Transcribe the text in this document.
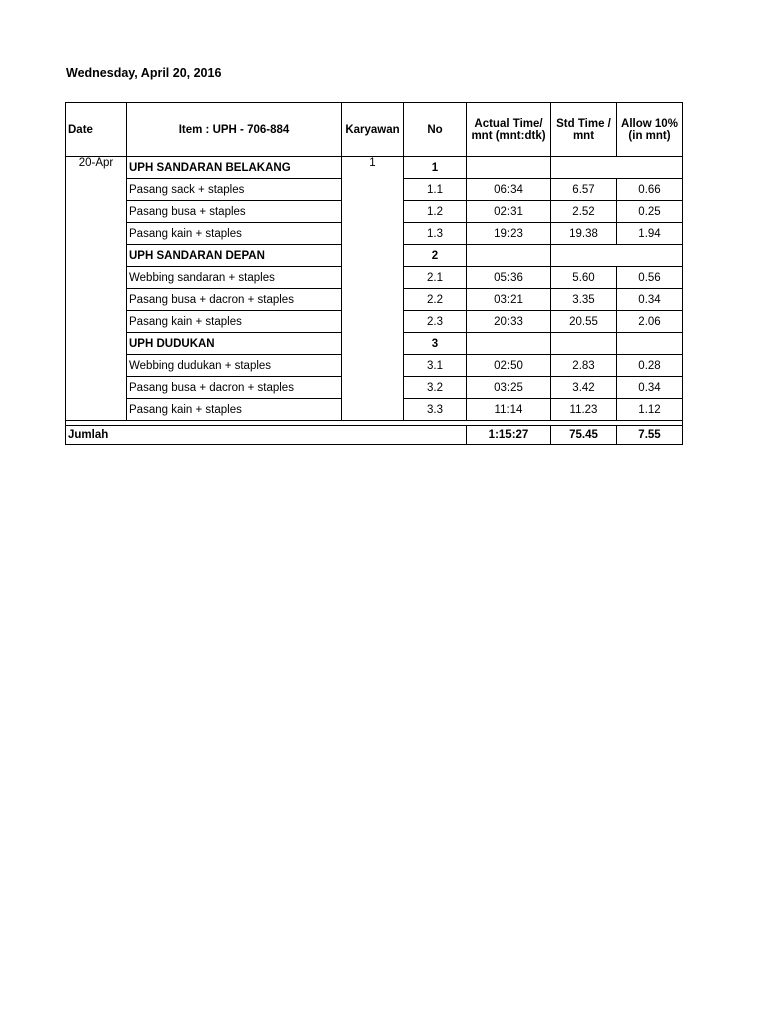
Wednesday, April 20, 2016
Date	Item : UPH - 706-884	Karyawan	No	Actual Time/ mnt (mnt:dtk)	Std Time / mnt	Allow 10% (in mnt)
20-Apr	UPH SANDARAN BELAKANG	1	1			
	Pasang sack + staples		1.1	06:34	6.57	0.66
	Pasang busa + staples		1.2	02:31	2.52	0.25
	Pasang kain + staples		1.3	19:23	19.38	1.94
	UPH SANDARAN DEPAN		2			
	Webbing sandaran + staples		2.1	05:36	5.60	0.56
	Pasang busa + dacron + staples		2.2	03:21	3.35	0.34
	Pasang kain + staples		2.3	20:33	20.55	2.06
	UPH DUDUKAN		3			
	Webbing dudukan + staples		3.1	02:50	2.83	0.28
	Pasang busa + dacron + staples		3.2	03:25	3.42	0.34
	Pasang kain + staples		3.3	11:14	11.23	1.12

Jumlah				1:15:27	75.45	7.55
